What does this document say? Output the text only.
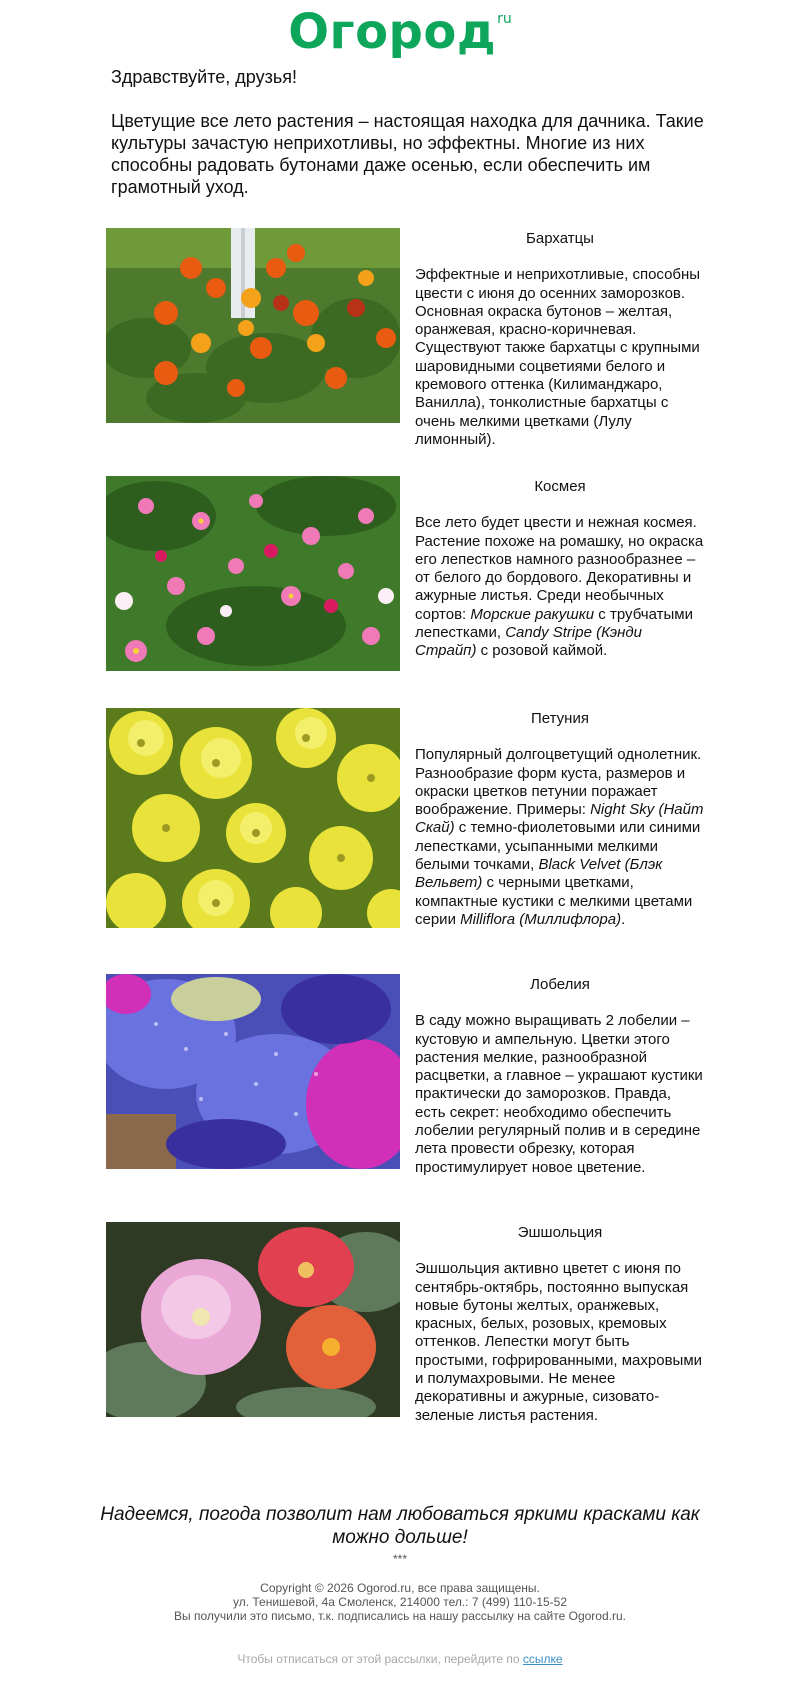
Огород ru

Здравствуйте, друзья!

Цветущие все лето растения – настоящая находка для дачника. Такие культуры зачастую неприхотливы, но эффектны. Многие из них способны радовать бутонами даже осенью, если обеспечить им грамотный уход.

Бархатцы

Эффектные и неприхотливые, способны цвести с июня до осенних заморозков. Основная окраска бутонов – желтая, оранжевая, красно-коричневая. Существуют также бархатцы с крупными шаровидными соцветиями белого и кремового оттенка (Килиманджаро, Ванилла), тонколистные бархатцы с очень мелкими цветками (Лулу лимонный).

Космея

Все лето будет цвести и нежная космея. Растение похоже на ромашку, но окраска его лепестков намного разнообразнее – от белого до бордового. Декоративны и ажурные листья. Среди необычных сортов: Морские ракушки с трубчатыми лепестками, Candy Stripe (Кэнди Страйп) с розовой каймой.

Петуния

Популярный долгоцветущий однолетник. Разнообразие форм куста, размеров и окраски цветков петунии поражает воображение. Примеры: Night Sky (Найт Скай) с темно-фиолетовыми или синими лепестками, усыпанными мелкими белыми точками, Black Velvet (Блэк Вельвет) с черными цветками, компактные кустики с мелкими цветами серии Milliflora (Миллифлора).

Лобелия

В саду можно выращивать 2 лобелии – кустовую и ампельную. Цветки этого растения мелкие, разнообразной расцветки, а главное – украшают кустики практически до заморозков. Правда, есть секрет: необходимо обеспечить лобелии регулярный полив и в середине лета провести обрезку, которая простимулирует новое цветение.

Эшшольция

Эшшольция активно цветет с июня по сентябрь-октябрь, постоянно выпуская новые бутоны желтых, оранжевых, красных, белых, розовых, кремовых оттенков. Лепестки могут быть простыми, гофрированными, махровыми и полумахровыми. Не менее декоративны и ажурные, сизовато-зеленые листья растения.

Надеемся, погода позволит нам любоваться яркими красками как можно дольше!

***
Copyright © 2026 Ogorod.ru, все права защищены.
ул. Тенишевой, 4а Смоленск, 214000 тел.: 7 (499) 110-15-52
Вы получили это письмо, т.к. подписались на нашу рассылку на сайте Ogorod.ru.
Чтобы отписаться от этой рассылки, перейдите по ссылке
